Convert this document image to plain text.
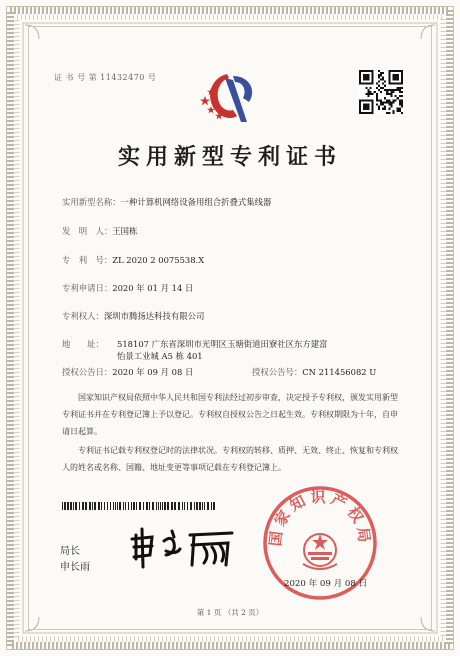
证 书 号 第 11432470 号
实用新型专利证书
实用新型名称：一种计算机网络设备用组合折叠式集线器
发　明　人：王国栋
专　利　号：ZL 2020 2 0075538.X
专利申请日：2020 年 01 月 14 日
专利权人：深圳市腾扬达科技有限公司
地　　址： 518107 广东省深圳市光明区玉塘街道田寮社区东方建富
怡景工业城 A5 栋 401
授权公告日：2020 年 09 月 08 日	授权公告号：CN 211456082 U
国家知识产权局依照中华人民共和国专利法经过初步审查，决定授予专利权，颁发实用新型专利证书并在专利登记簿上予以登记。专利权自授权公告之日起生效。专利权期限为十年，自申请日起算。
专利证书记载专利权登记时的法律状况。专利权的转移、质押、无效、终止、恢复和专利权人的姓名或名称、国籍、地址变更等事项记载在专利登记簿上。
局长
申长雨
国家知识产权局
2020 年 09 月 08 日
第 1 页 （共 2 页）
